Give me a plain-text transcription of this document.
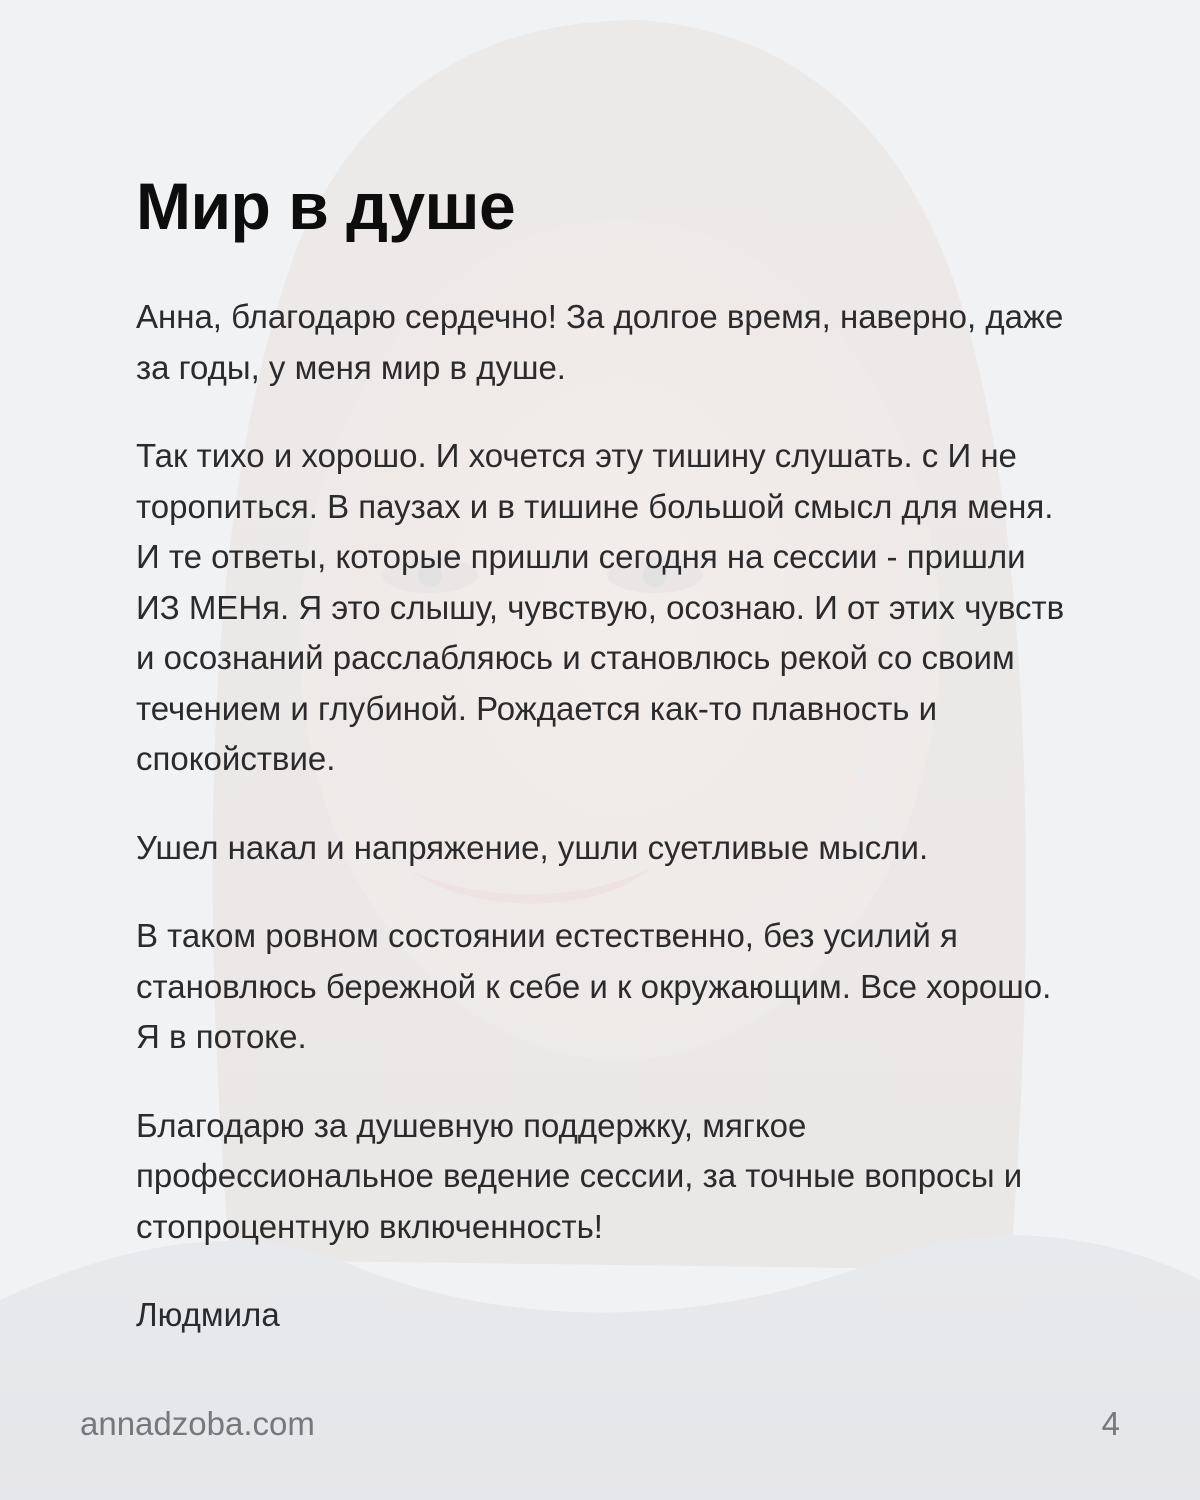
Мир в душе

Анна, благодарю сердечно! За долгое время, наверно, даже за годы, у меня мир в душе.

Так тихо и хорошо. И хочется эту тишину слушать. с И не торопиться. В паузах и в тишине большой смысл для меня. И те ответы, которые пришли сегодня на сессии - пришли ИЗ МЕНя. Я это слышу, чувствую, осознаю. И от этих чувств и осознаний расслабляюсь и становлюсь рекой со своим течением и глубиной. Рождается как-то плавность и спокойствие.

Ушел накал и напряжение, ушли суетливые мысли.

В таком ровном состоянии естественно, без усилий я становлюсь бережной к себе и к окружающим. Все хорошо. Я в потоке.

Благодарю за душевную поддержку, мягкое профессиональное ведение сессии, за точные вопросы и стопроцентную включенность!

Людмила

annadzoba.com	4
